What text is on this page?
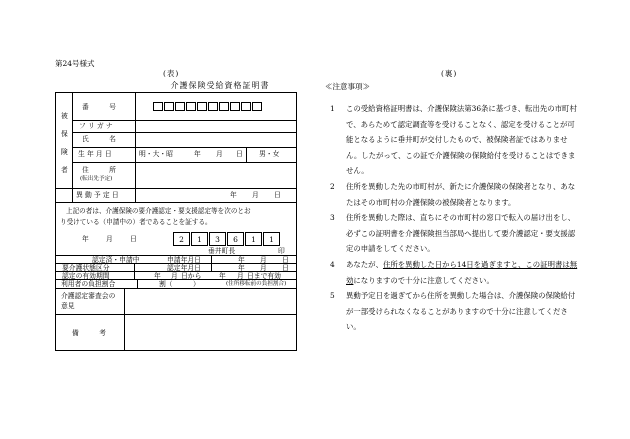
第24号様式
(表)	(裏)
介護保険受給資格証明書	≪注意事項≫
被
保
険
者
番　　　号
フ リ ガ ナ
氏　　　名
生 年 月 日	明・大・昭	年 月 日 男・女
住　　　所
(転出先予定)
異 動 予 定 日	年 月 日
上記の者は、介護保険の要介護認定・要支援認定等を次のとお
り受けている（申請中の）者であることを証する。
年	月	日	2	1	3	6	1	1
垂井町長	印
認定済・申請中	申請年月日	年 月 日
要介護状態区分	認定年月日	年 月 日
認定の有効期間	年 月 日から	年 月 日まで有効
利用者の負担割合	割（　　　）	(住所移転前の負担割合)
介護認定審査会の
意見
備　　　考

1 この受給資格証明書は、介護保険法第36条に基づき、転出先の市町村で、あらためて認定調査等を受けることなく、認定を受けることが可能となるように垂井町が交付したもので、被保険者証ではありません。したがって、この証で介護保険の保険給付を受けることはできません。

2 住所を異動した先の市町村が、新たに介護保険の保険者となり、あなたはその市町村の介護保険の被保険者となります。

3 住所を異動した際は、直ちにその市町村の窓口で転入の届け出をし、必ずこの証明書を介護保険担当部局へ提出して要介護認定・要支援認定の申請をしてください。

4 あなたが、住所を異動した日から14日を過ぎますと、この証明書は無効になりますので十分に注意してください。

5 異動予定日を過ぎてから住所を異動した場合は、介護保険の保険給付が一部受けられなくなることがありますので十分に注意してください。
